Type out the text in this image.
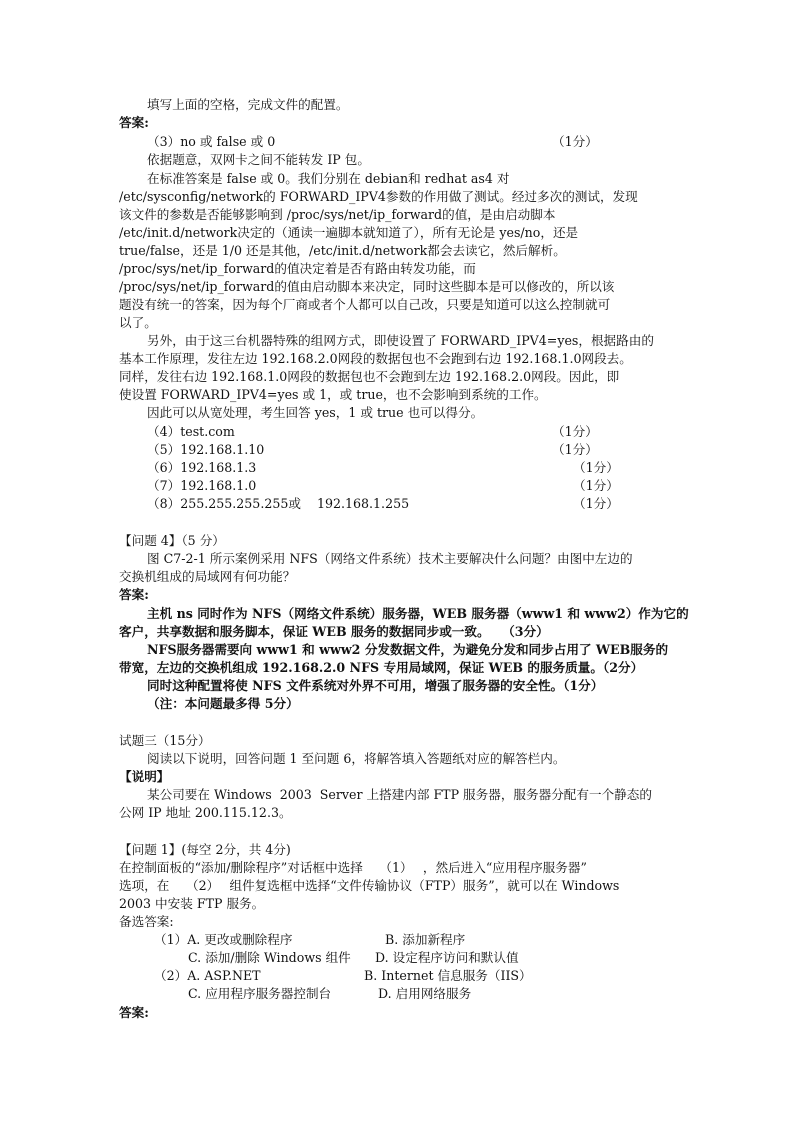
填写上面的空格，完成文件的配置。
答案:
（3）no 或 false 或 0	（1分）
依据题意，双网卡之间不能转发 IP 包。
在标准答案是 false 或 0。我们分别在 debian和 redhat as4 对
/etc/sysconfig/network的 FORWARD_IPV4参数的作用做了测试。经过多次的测试，发现
该文件的参数是否能够影响到 /proc/sys/net/ip_forward的值，是由启动脚本
/etc/init.d/network决定的（通读一遍脚本就知道了），所有无论是 yes/no，还是
true/false，还是 1/0 还是其他，/etc/init.d/network都会去读它，然后解析。
/proc/sys/net/ip_forward的值决定着是否有路由转发功能，而
/proc/sys/net/ip_forward的值由启动脚本来决定，同时这些脚本是可以修改的，所以该
题没有统一的答案，因为每个厂商或者个人都可以自己改，只要是知道可以这么控制就可
以了。
另外，由于这三台机器特殊的组网方式，即使设置了 FORWARD_IPV4=yes，根据路由的
基本工作原理，发往左边 192.168.2.0网段的数据包也不会跑到右边 192.168.1.0网段去。
同样，发往右边 192.168.1.0网段的数据包也不会跑到左边 192.168.2.0网段。因此，即
使设置 FORWARD_IPV4=yes 或 1，或 true，也不会影响到系统的工作。
因此可以从宽处理，考生回答 yes，1 或 true 也可以得分。
（4）test.com	（1分）
（5）192.168.1.10	（1分）
（6）192.168.1.3	（1分）
（7）192.168.1.0	（1分）
（8）255.255.255.255或    192.168.1.255	（1分）
【问题 4】（5 分）
图 C7-2-1 所示案例采用 NFS（网络文件系统）技术主要解决什么问题？由图中左边的
交换机组成的局域网有何功能？
答案:
主机 ns 同时作为 NFS（网络文件系统）服务器，WEB 服务器（www1 和 www2）作为它的
客户，共享数据和服务脚本，保证 WEB 服务的数据同步或一致。　　（3分）
NFS服务器需要向 www1 和 www2 分发数据文件，为避免分发和同步占用了 WEB服务的
带宽，左边的交换机组成 192.168.2.0 NFS 专用局域网，保证 WEB 的服务质量。（2分）
同时这种配置将使 NFS 文件系统对外界不可用，增强了服务器的安全性。（1分）
（注：本问题最多得 5分）
试题三（15分）
阅读以下说明，回答问题 1 至问题 6，将解答填入答题纸对应的解答栏内。
【说明】
某公司要在 Windows  2003  Server 上搭建内部 FTP 服务器，服务器分配有一个静态的
公网 IP 地址 200.115.12.3。
【问题 1】(每空 2分，共 4分)
在控制面板的“添加/删除程序”对话框中选择　 （1）　 ，然后进入“应用程序服务器”
选项，在　 （2）　 组件复选框中选择“文件传输协议（FTP）服务”，就可以在 Windows
2003 中安装 FTP 服务。
备选答案:
（1）A. 更改或删除程序	B. 添加新程序
C. 添加/删除 Windows 组件 D. 设定程序访问和默认值
（2）A. ASP.NET	B. Internet 信息服务（IIS）
C. 应用程序服务器控制台	D. 启用网络服务
答案:
